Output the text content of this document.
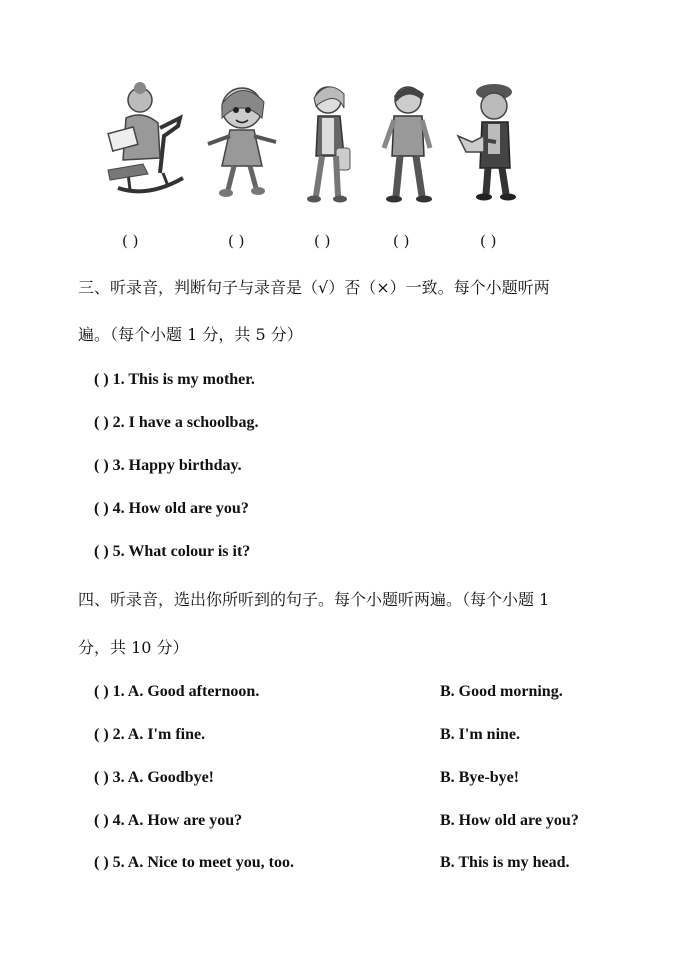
( )	( )	( )	( )	( )
三、听录音，判断句子与录音是（√）否（×）一致。每个小题听两
遍。（每个小题 1 分，共 5 分）
( ) 1. This is my mother.
( ) 2. I have a schoolbag.
( ) 3. Happy birthday.
( ) 4. How old are you?
( ) 5. What colour is it?
四、听录音，选出你所听到的句子。每个小题听两遍。（每个小题 1
分，共 10 分）
( ) 1. A. Good afternoon.	B. Good morning.
( ) 2. A. I'm fine.	B. I'm nine.
( ) 3. A. Goodbye!	B. Bye-bye!
( ) 4. A. How are you?	B. How old are you?
( ) 5. A. Nice to meet you, too.	B. This is my head.
